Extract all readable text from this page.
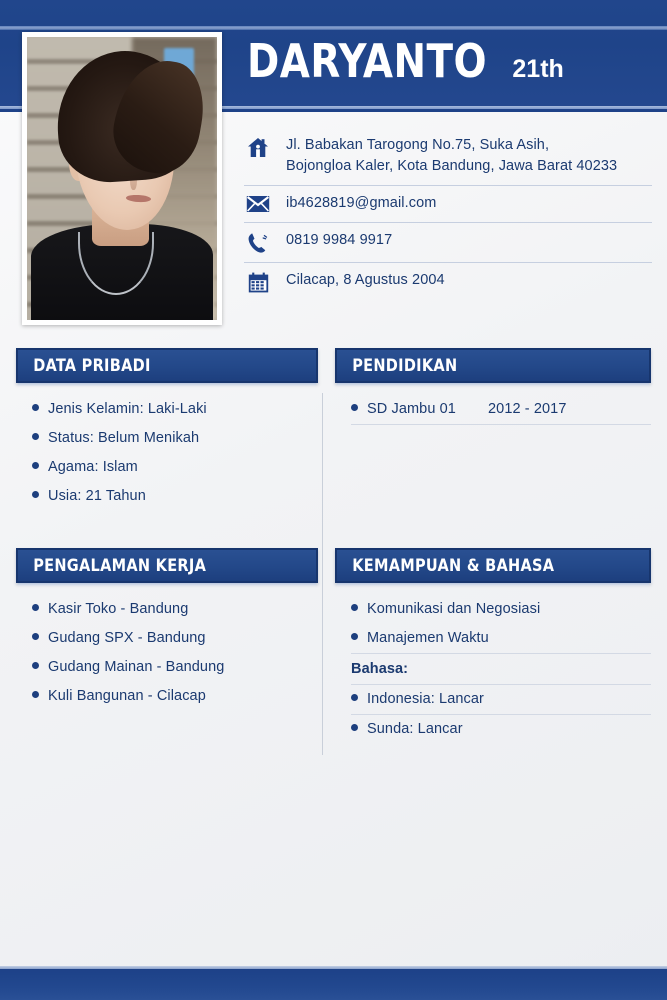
DARYANTO 21th
Jl. Babakan Tarogong No.75, Suka Asih,
Bojongloa Kaler, Kota Bandung, Jawa Barat 40233
ib4628819@gmail.com
0819 9984 9917
Cilacap, 8 Agustus 2004
DATA PRIBADI
Jenis Kelamin: Laki-Laki
Status: Belum Menikah
Agama: Islam
Usia: 21 Tahun
PENDIDIKAN
SD Jambu 01	2012 - 2017
PENGALAMAN KERJA
Kasir Toko - Bandung
Gudang SPX - Bandung
Gudang Mainan - Bandung
Kuli Bangunan - Cilacap
KEMAMPUAN & BAHASA
Komunikasi dan Negosiasi
Manajemen Waktu
Bahasa:
Indonesia: Lancar
Sunda: Lancar
